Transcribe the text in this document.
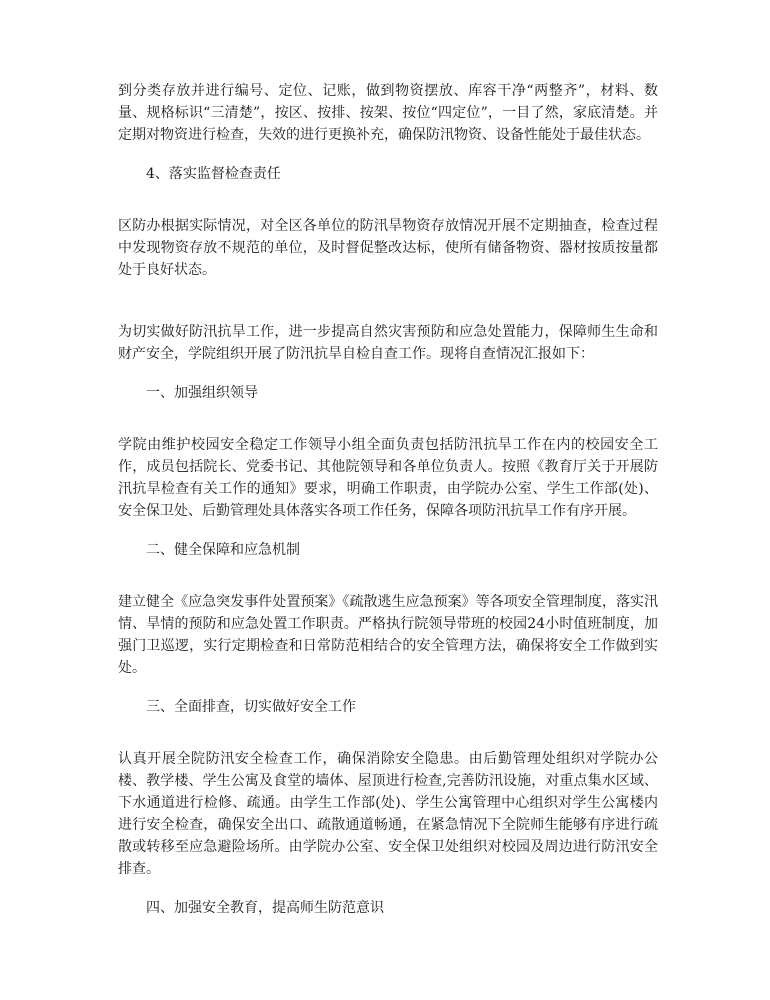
到分类存放并进行编号、定位、记账，做到物资摆放、库容干净“两整齐”，材料、数量、规格标识“三清楚”，按区、按排、按架、按位“四定位”，一目了然，家底清楚。并定期对物资进行检查，失效的进行更换补充，确保防汛物资、设备性能处于最佳状态。

4、落实监督检查责任

区防办根据实际情况，对全区各单位的防汛旱物资存放情况开展不定期抽查，检查过程中发现物资存放不规范的单位，及时督促整改达标，使所有储备物资、器材按质按量都处于良好状态。

为切实做好防汛抗旱工作，进一步提高自然灾害预防和应急处置能力，保障师生生命和财产安全，学院组织开展了防汛抗旱自检自查工作。现将自查情况汇报如下：

一、加强组织领导

学院由维护校园安全稳定工作领导小组全面负责包括防汛抗旱工作在内的校园安全工作，成员包括院长、党委书记、其他院领导和各单位负责人。按照《教育厅关于开展防汛抗旱检查有关工作的通知》要求，明确工作职责，由学院办公室、学生工作部(处)、安全保卫处、后勤管理处具体落实各项工作任务，保障各项防汛抗旱工作有序开展。

二、健全保障和应急机制

建立健全《应急突发事件处置预案》《疏散逃生应急预案》等各项安全管理制度，落实汛情、旱情的预防和应急处置工作职责。严格执行院领导带班的校园24小时值班制度，加强门卫巡逻，实行定期检查和日常防范相结合的安全管理方法，确保将安全工作做到实处。

三、全面排查，切实做好安全工作

认真开展全院防汛安全检查工作，确保消除安全隐患。由后勤管理处组织对学院办公楼、教学楼、学生公寓及食堂的墙体、屋顶进行检查,完善防汛设施，对重点集水区域、下水通道进行检修、疏通。由学生工作部(处)、学生公寓管理中心组织对学生公寓楼内进行安全检查，确保安全出口、疏散通道畅通，在紧急情况下全院师生能够有序进行疏散或转移至应急避险场所。由学院办公室、安全保卫处组织对校园及周边进行防汛安全排查。

四、加强安全教育，提高师生防范意识
